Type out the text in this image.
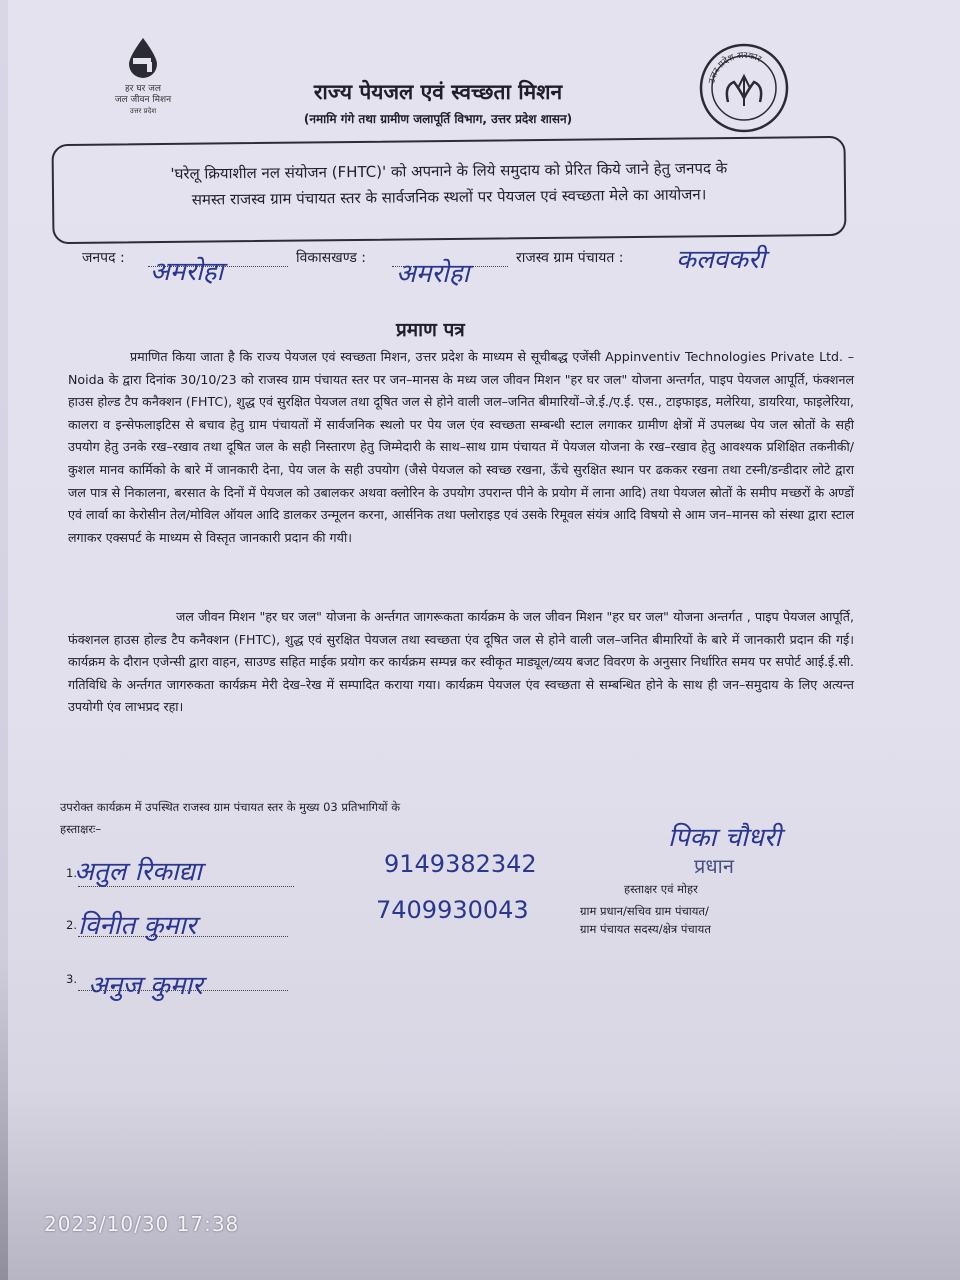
हर घर जल
जल जीवन मिशन
उत्तर प्रदेश
उत्तर प्रदेश सरकार
राज्य पेयजल एवं स्वच्छता मिशन
(नमामि गंगे तथा ग्रामीण जलापूर्ति विभाग, उत्तर प्रदेश शासन)

'घरेलू क्रियाशील नल संयोजन (FHTC)' को अपनाने के लिये समुदाय को प्रेरित किये जाने हेतु जनपद के
समस्त राजस्व ग्राम पंचायत स्तर के सार्वजनिक स्थलों पर पेयजल एवं स्वच्छता मेले का आयोजन।

जनपद : अमरोहा	विकासखण्ड :
अमरोहा
राजस्व ग्राम पंचायत : कलवकरी
प्रमाण पत्र
प्रमाणित किया जाता है कि राज्य पेयजल एवं स्वच्छता मिशन, उत्तर प्रदेश के माध्यम से सूचीबद्ध एजेंसी Appinventiv Technologies Private Ltd. – Noida के द्वारा दिनांक 30/10/23 को राजस्व ग्राम पंचायत स्तर पर जन–मानस के मध्य जल जीवन मिशन "हर घर जल" योजना अन्तर्गत, पाइप पेयजल आपूर्ति, फंक्शनल हाउस होल्ड टैप कनैक्शन (FHTC), शुद्ध एवं सुरक्षित पेयजल तथा दूषित जल से होने वाली जल–जनित बीमारियों–जे.ई./ए.ई. एस., टाइफाइड, मलेरिया, डायरिया, फाइलेरिया, कालरा व इन्सेफलाइटिस से बचाव हेतु ग्राम पंचायतों में सार्वजनिक स्थलो पर पेय जल एंव स्वच्छता सम्बन्धी स्टाल लगाकर ग्रामीण क्षेत्रों में उपलब्ध पेय जल स्रोतों के सही उपयोग हेतु उनके रख–रखाव तथा दूषित जल के सही निस्तारण हेतु जिम्मेदारी के साथ–साथ ग्राम पंचायत में पेयजल योजना के रख–रखाव हेतु आवश्यक प्रशिक्षित तकनीकी/कुशल मानव कार्मिको के बारे में जानकारी देना, पेय जल के सही उपयोग (जैसे पेयजल को स्वच्छ रखना, ऊँचे सुरक्षित स्थान पर ढककर रखना तथा टस्नी/डन्डीदार लोटे द्वारा जल पात्र से निकालना, बरसात के दिनों में पेयजल को उबालकर अथवा क्लोरिन के उपयोग उपरान्त पीने के प्रयोग में लाना आदि) तथा पेयजल स्रोतों के समीप मच्छरों के अण्डों एवं लार्वा का केरोसीन तेल/मोविल ऑयल आदि डालकर उन्मूलन करना, आर्सनिक तथा फ्लोराइड एवं उसके रिमूवल संयंत्र आदि विषयो से आम जन–मानस को संस्था द्वारा स्टाल लगाकर एक्सपर्ट के माध्यम से विस्तृत जानकारी प्रदान की गयी।
जल जीवन मिशन "हर घर जल" योजना के अर्न्तगत जागरूकता कार्यक्रम के जल जीवन मिशन "हर घर जल" योजना अन्तर्गत , पाइप पेयजल आपूर्ति, फंक्शनल हाउस होल्ड टैप कनैक्शन (FHTC), शुद्ध एवं सुरक्षित पेयजल तथा स्वच्छता एंव दूषित जल से होने वाली जल–जनित बीमारियों के बारे में जानकारी प्रदान की गई। कार्यक्रम के दौरान एजेन्सी द्वारा वाहन, साउण्ड सहित माईक प्रयोग कर कार्यक्रम सम्पन्न कर स्वीकृत माड्यूल/व्यय बजट विवरण के अनुसार निर्धारित समय पर सपोर्ट आई.ई.सी. गतिविधि के अर्न्तगत जागरुकता कार्यक्रम मेरी देख–रेख में सम्पादित कराया गया। कार्यक्रम पेयजल एंव स्वच्छता से सम्बन्धित होने के साथ ही जन–समुदाय के लिए अत्यन्त उपयोगी एंव लाभप्रद रहा।
उपरोक्त कार्यक्रम में उपस्थित राजस्व ग्राम पंचायत स्तर के मुख्य 03 प्रतिभागियों के
हस्ताक्षरः–
1.
अतुल रिकाद्या	9149382342
2. विनीत कुमार
7409930043
3. अनुज कुमार
पिका चौधरी
प्रधान
हस्ताक्षर एवं मोहर
ग्राम प्रधान/सचिव ग्राम पंचायत/
ग्राम पंचायत सदस्य/क्षेत्र पंचायत
2023/10/30 17:38
